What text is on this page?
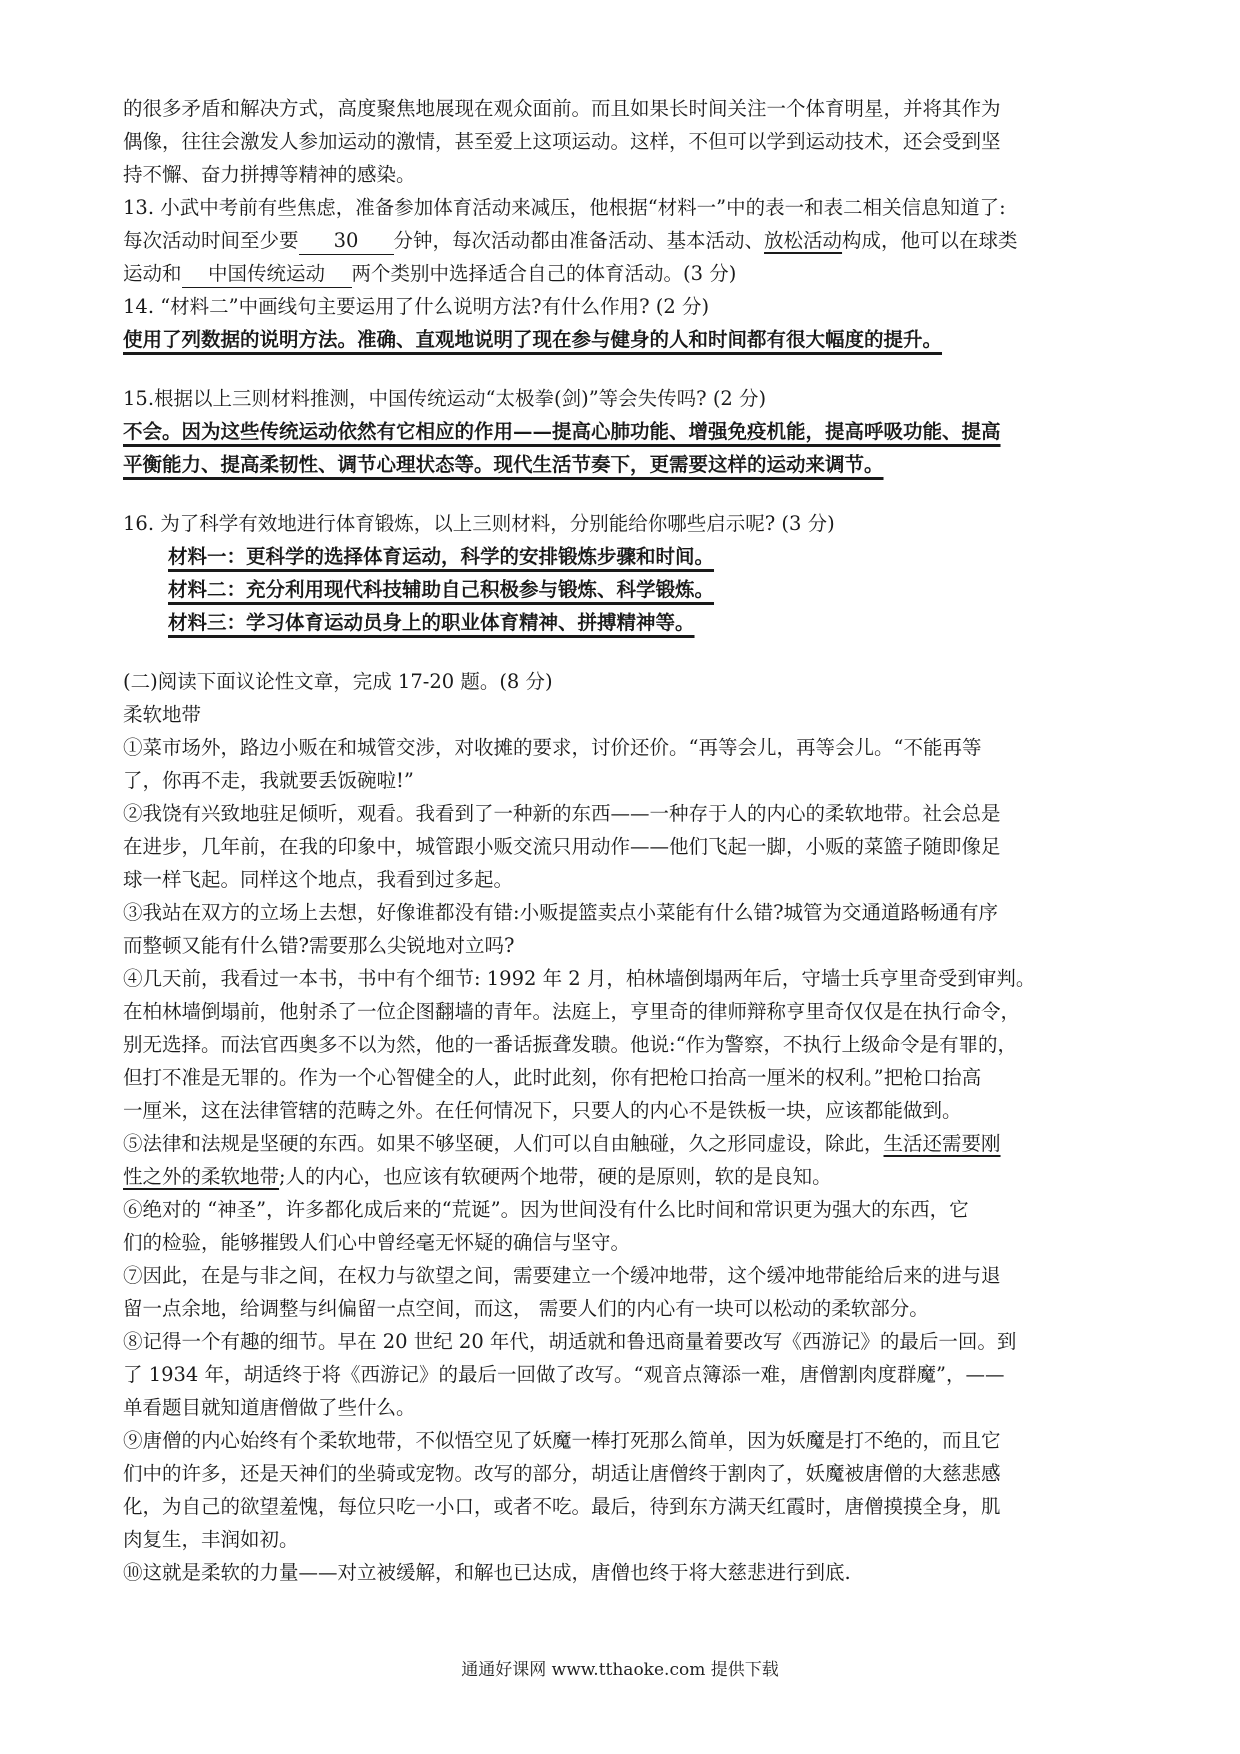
的很多矛盾和解决方式，高度聚焦地展现在观众面前。而且如果长时间关注一个体育明星，并将其作为

偶像，往往会激发人参加运动的激情，甚至爱上这项运动。这样，不但可以学到运动技术，还会受到坚

持不懈、奋力拼搏等精神的感染。

13. 小武中考前有些焦虑，准备参加体育活动来减压，他根据“材料一”中的表一和表二相关信息知道了:

每次活动时间至少要 30 分钟，每次活动都由准备活动、基本活动、放松活动构成，他可以在球类

运动和 中国传统运动 两个类别中选择适合自己的体育活动。(3 分)

14. “材料二”中画线句主要运用了什么说明方法?有什么作用? (2 分)

使用了列数据的说明方法。准确、直观地说明了现在参与健身的人和时间都有很大幅度的提升。

15.根据以上三则材料推测，中国传统运动“太极拳(剑)”等会失传吗? (2 分)

不会。因为这些传统运动依然有它相应的作用——提高心肺功能、增强免疫机能，提高呼吸功能、提高

平衡能力、提高柔韧性、调节心理状态等。现代生活节奏下，更需要这样的运动来调节。

16. 为了科学有效地进行体育锻炼，以上三则材料，分别能给你哪些启示呢? (3 分)

材料一：更科学的选择体育运动，科学的安排锻炼步骤和时间。

材料二：充分利用现代科技辅助自己积极参与锻炼、科学锻炼。

材料三：学习体育运动员身上的职业体育精神、拼搏精神等。

(二)阅读下面议论性文章，完成 17-20 题。(8 分)

柔软地带

①菜市场外，路边小贩在和城管交涉，对收摊的要求，讨价还价。“再等会儿，再等会儿。“不能再等

了，你再不走，我就要丢饭碗啦!”

②我饶有兴致地驻足倾听，观看。我看到了一种新的东西——一种存于人的内心的柔软地带。社会总是

在进步，几年前，在我的印象中，城管跟小贩交流只用动作——他们飞起一脚，小贩的菜篮子随即像足

球一样飞起。同样这个地点，我看到过多起。

③我站在双方的立场上去想，好像谁都没有错:小贩提篮卖点小菜能有什么错?城管为交通道路畅通有序

而整顿又能有什么错?需要那么尖锐地对立吗?

④几天前，我看过一本书，书中有个细节: 1992 年 2 月，柏林墙倒塌两年后，守墙士兵亨里奇受到审判。

在柏林墙倒塌前，他射杀了一位企图翻墙的青年。法庭上，亨里奇的律师辩称亨里奇仅仅是在执行命令，

别无选择。而法官西奥多不以为然，他的一番话振聋发聩。他说:“作为警察，不执行上级命令是有罪的，

但打不准是无罪的。作为一个心智健全的人，此时此刻，你有把枪口抬高一厘米的权利。”把枪口抬高

一厘米，这在法律管辖的范畴之外。在任何情况下，只要人的内心不是铁板一块，应该都能做到。

⑤法律和法规是坚硬的东西。如果不够坚硬，人们可以自由触碰，久之形同虚设，除此，生活还需要刚

性之外的柔软地带;人的内心，也应该有软硬两个地带，硬的是原则，软的是良知。

⑥绝对的 “神圣”，许多都化成后来的“荒诞”。因为世间没有什么比时间和常识更为强大的东西，它

们的检验，能够摧毁人们心中曾经毫无怀疑的确信与坚守。

⑦因此，在是与非之间，在权力与欲望之间，需要建立一个缓冲地带，这个缓冲地带能给后来的进与退

留一点余地，给调整与纠偏留一点空间，而这， 需要人们的内心有一块可以松动的柔软部分。

⑧记得一个有趣的细节。早在 20 世纪 20 年代，胡适就和鲁迅商量着要改写《西游记》的最后一回。到

了 1934 年，胡适终于将《西游记》的最后一回做了改写。“观音点簿添一难，唐僧割肉度群魔”，——

单看题目就知道唐僧做了些什么。

⑨唐僧的内心始终有个柔软地带，不似悟空见了妖魔一棒打死那么简单，因为妖魔是打不绝的，而且它

们中的许多，还是天神们的坐骑或宠物。改写的部分，胡适让唐僧终于割肉了，妖魔被唐僧的大慈悲感

化，为自己的欲望羞愧，每位只吃一小口，或者不吃。最后，待到东方满天红霞时，唐僧摸摸全身，肌

肉复生，丰润如初。

⑩这就是柔软的力量——对立被缓解，和解也已达成，唐僧也终于将大慈悲进行到底.

通通好课网 www.tthaoke.com 提供下载
